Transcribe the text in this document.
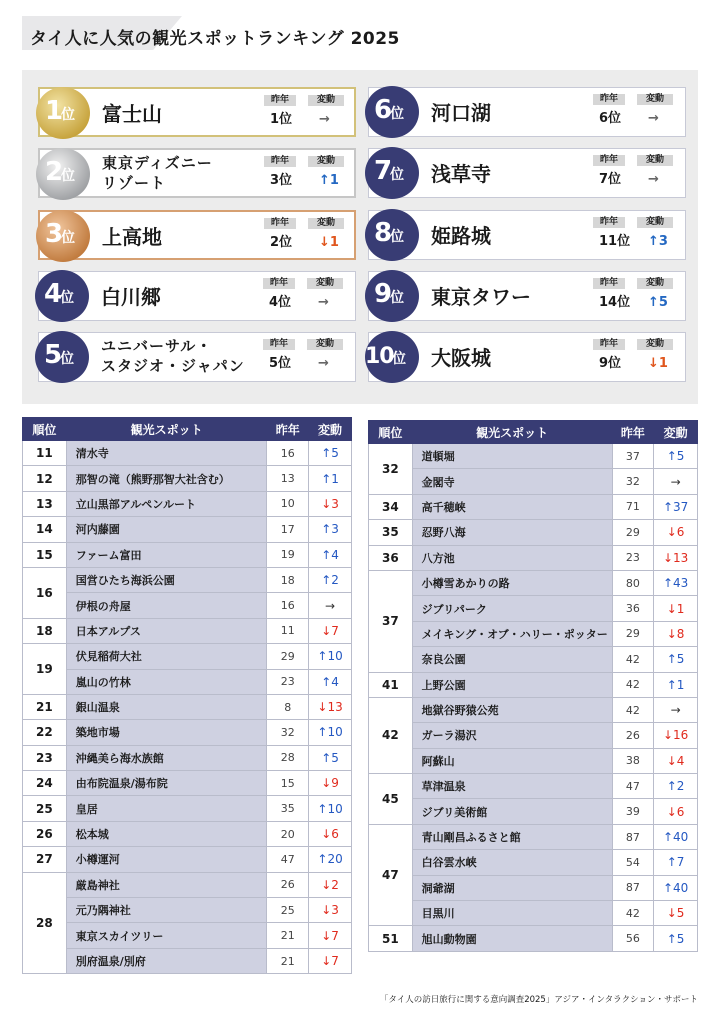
タイ人に人気の観光スポットランキング 2025
1
位 富士山
昨年	変動
1位 →
2
位
東京ディズニー
リゾート
昨年	変動
3位 ↑1
3
位 上高地
昨年	変動
2位 ↓1
4
位 白川郷
昨年	変動
4位 →
5
位
ユニバーサル・
スタジオ・ジャパン
昨年	変動
5位 →
6
位 河口湖
昨年	変動
6位 →
7
位 浅草寺
昨年	変動
7位 →
8
位 姫路城
昨年	変動
11位 ↑3
9
位 東京タワー
昨年	変動
14位 ↑5
10
位 大阪城
昨年	変動
9位 ↓1
順位	観光スポット	昨年	変動
11	清水寺	16	↑5
12	那智の滝（熊野那智大社含む）	13	↑1
13	立山黒部アルペンルート	10	↓3
14	河内藤園	17	↑3
15	ファーム富田	19	↑4
16	国営ひたち海浜公園	18	↑2
	伊根の舟屋	16	→
18	日本アルプス	11	↓7
19	伏見稲荷大社	29	↑10
	嵐山の竹林	23	↑4
21	銀山温泉	8	↓13
22	築地市場	32	↑10
23	沖縄美ら海水族館	28	↑5
24	由布院温泉/湯布院	15	↓9
25	皇居	35	↑10
26	松本城	20	↓6
27	小樽運河	47	↑20
28	厳島神社	26	↓2
	元乃隅神社	25	↓3
	東京スカイツリー	21	↓7
	別府温泉/別府	21	↓7
順位	観光スポット	昨年	変動
32	道頓堀	37	↑5
	金閣寺	32	→
34	高千穂峡	71	↑37
35	忍野八海	29	↓6
36	八方池	23	↓13
37	小樽雪あかりの路	80	↑43
	ジブリパーク	36	↓1
	メイキング・オブ・ハリー・ポッター	29	↓8
	奈良公園	42	↑5
41	上野公園	42	↑1
42	地獄谷野猿公苑	42	→
	ガーラ湯沢	26	↓16
	阿蘇山	38	↓4
45	草津温泉	47	↑2
	ジブリ美術館	39	↓6
47	青山剛昌ふるさと館	87	↑40
	白谷雲水峡	54	↑7
	洞爺湖	87	↑40
	目黒川	42	↓5
51	旭山動物園	56	↑5
「タイ人の訪日旅行に関する意向調査2025」アジア・インタラクション・サポート
